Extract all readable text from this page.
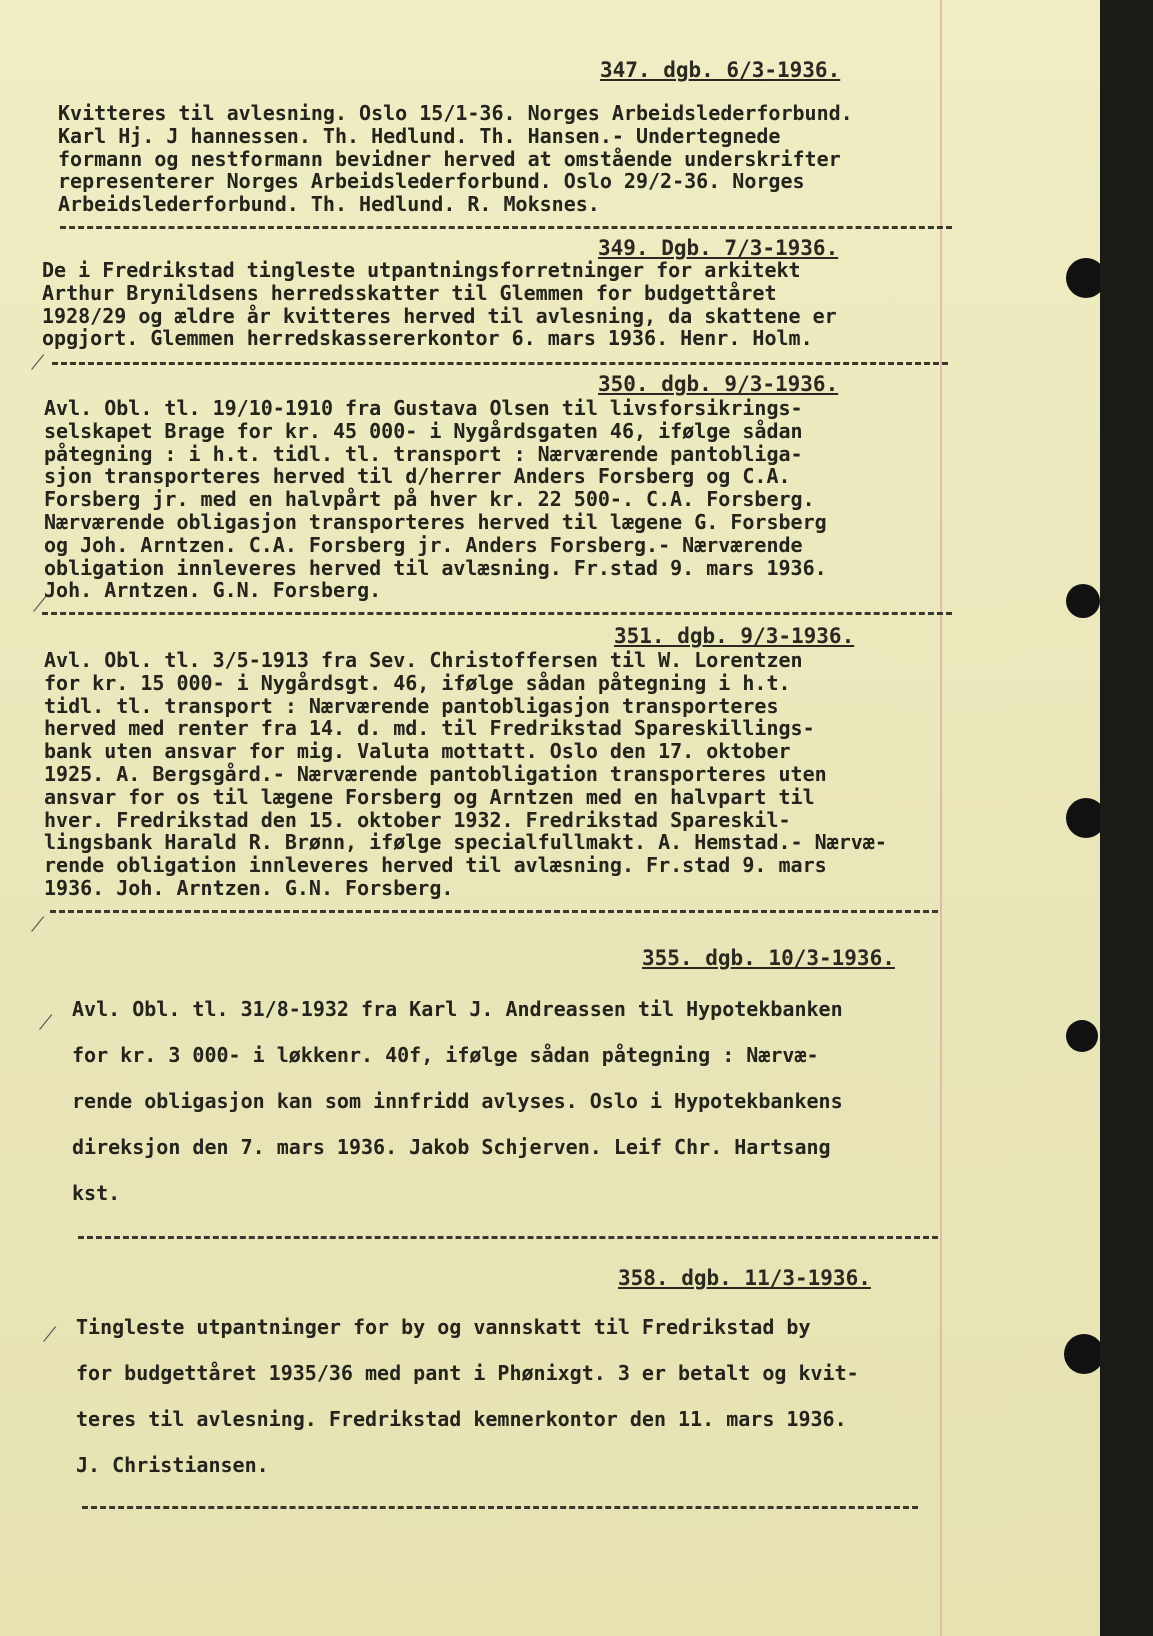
347. dgb. 6/3-1936.
Kvitteres til avlesning. Oslo 15/1-36. Norges Arbeidslederforbund.
Karl Hj. J hannessen. Th. Hedlund. Th. Hansen.- Undertegnede
formann og nestformann bevidner herved at omstående underskrifter
representerer Norges Arbeidslederforbund. Oslo 29/2-36. Norges
Arbeidslederforbund. Th. Hedlund. R. Moksnes.
349. Dgb. 7/3-1936.
De i Fredrikstad tingleste utpantningsforretninger for arkitekt
Arthur Brynildsens herredsskatter til Glemmen for budgettåret
1928/29 og ældre år kvitteres herved til avlesning, da skattene er
opgjort. Glemmen herredskassererkontor 6. mars 1936. Henr. Holm.
350. dgb. 9/3-1936.
Avl. Obl. tl. 19/10-1910 fra Gustava Olsen til livsforsikrings-
selskapet Brage for kr. 45 000- i Nygårdsgaten 46, ifølge sådan
påtegning : i h.t. tidl. tl. transport : Nærværende pantobliga-
sjon transporteres herved til d/herrer Anders Forsberg og C.A.
Forsberg jr. med en halvpårt på hver kr. 22 500-. C.A. Forsberg.
Nærværende obligasjon transporteres herved til lægene G. Forsberg
og Joh. Arntzen. C.A. Forsberg jr. Anders Forsberg.- Nærværende
obligation innleveres herved til avlæsning. Fr.stad 9. mars 1936.
Joh. Arntzen. G.N. Forsberg.
351. dgb. 9/3-1936.
Avl. Obl. tl. 3/5-1913 fra Sev. Christoffersen til W. Lorentzen
for kr. 15 000- i Nygårdsgt. 46, ifølge sådan påtegning i h.t.
tidl. tl. transport : Nærværende pantobligasjon transporteres
herved med renter fra 14. d. md. til Fredrikstad Spareskillings-
bank uten ansvar for mig. Valuta mottatt. Oslo den 17. oktober
1925. A. Bergsgård.- Nærværende pantobligation transporteres uten
ansvar for os til lægene Forsberg og Arntzen med en halvpart til
hver. Fredrikstad den 15. oktober 1932. Fredrikstad Spareskil-
lingsbank Harald R. Brønn, ifølge specialfullmakt. A. Hemstad.- Nærvæ-
rende obligation innleveres herved til avlæsning. Fr.stad 9. mars
1936. Joh. Arntzen. G.N. Forsberg.
355. dgb. 10/3-1936.
Avl. Obl. tl. 31/8-1932 fra Karl J. Andreassen til Hypotekbanken
for kr. 3 000- i løkkenr. 40f, ifølge sådan påtegning : Nærvæ-
rende obligasjon kan som innfridd avlyses. Oslo i Hypotekbankens
direksjon den 7. mars 1936. Jakob Schjerven. Leif Chr. Hartsang
kst.
358. dgb. 11/3-1936.
Tingleste utpantninger for by og vannskatt til Fredrikstad by
for budgettåret 1935/36 med pant i Phønixgt. 3 er betalt og kvit-
teres til avlesning. Fredrikstad kemnerkontor den 11. mars 1936.
J. Christiansen.
⁄
⁄
⁄
⁄
⁄
